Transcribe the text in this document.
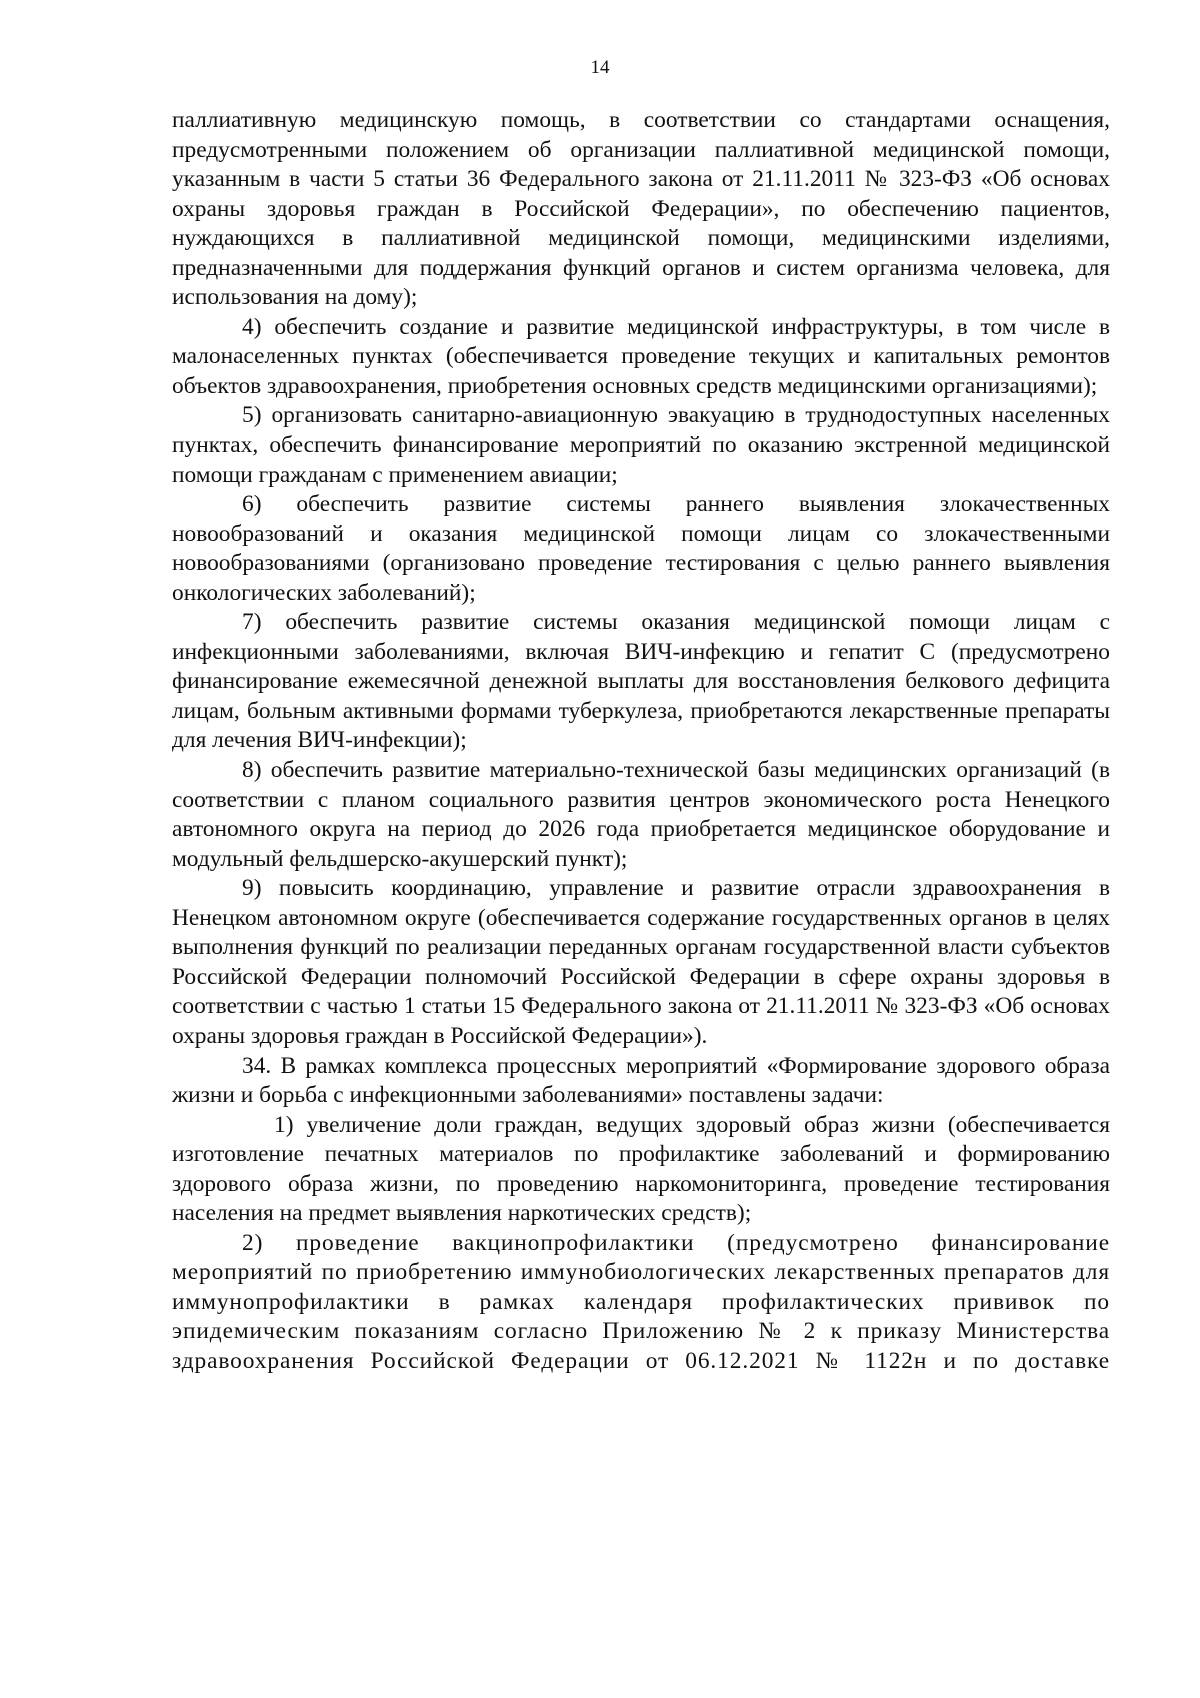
14

паллиативную медицинскую помощь, в соответствии со стандартами оснащения, предусмотренными положением об организации паллиативной медицинской помощи, указанным в части 5 статьи 36 Федерального закона от 21.11.2011 № 323-ФЗ «Об основах охраны здоровья граждан в Российской Федерации», по обеспечению пациентов, нуждающихся в паллиативной медицинской помощи, медицинскими изделиями, предназначенными для поддержания функций органов и систем организма человека, для использования на дому);

4) обеспечить создание и развитие медицинской инфраструктуры, в том числе в малонаселенных пунктах (обеспечивается проведение текущих и капитальных ремонтов объектов здравоохранения, приобретения основных средств медицинскими организациями);

5) организовать санитарно-авиационную эвакуацию в труднодоступных населенных пунктах, обеспечить финансирование мероприятий по оказанию экстренной медицинской помощи гражданам с применением авиации;

6) обеспечить развитие системы раннего выявления злокачественных новообразований и оказания медицинской помощи лицам со злокачественными новообразованиями (организовано проведение тестирования с целью раннего выявления онкологических заболеваний);

7) обеспечить развитие системы оказания медицинской помощи лицам с инфекционными заболеваниями, включая ВИЧ-инфекцию и гепатит С (предусмотрено финансирование ежемесячной денежной выплаты для восстановления белкового дефицита лицам, больным активными формами туберкулеза, приобретаются лекарственные препараты для лечения ВИЧ-инфекции);

8) обеспечить развитие материально-технической базы медицинских организаций (в соответствии с планом социального развития центров экономического роста Ненецкого автономного округа на период до 2026 года приобретается медицинское оборудование и модульный фельдшерско-акушерский пункт);

9) повысить координацию, управление и развитие отрасли здравоохранения в Ненецком автономном округе (обеспечивается содержание государственных органов в целях выполнения функций по реализации переданных органам государственной власти субъектов Российской Федерации полномочий Российской Федерации в сфере охраны здоровья в соответствии с частью 1 статьи 15 Федерального закона от 21.11.2011 № 323-ФЗ «Об основах охраны здоровья граждан в Российской Федерации»).

34. В рамках комплекса процессных мероприятий «Формирование здорового образа жизни и борьба с инфекционными заболеваниями» поставлены задачи:

1) увеличение доли граждан, ведущих здоровый образ жизни (обеспечивается изготовление печатных материалов по профилактике заболеваний и формированию здорового образа жизни, по проведению наркомониторинга, проведение тестирования населения на предмет выявления наркотических средств);

2) проведение вакцинопрофилактики (предусмотрено финансирование мероприятий по приобретению иммунобиологических лекарственных препаратов для иммунопрофилактики в рамках календаря профилактических прививок по эпидемическим показаниям согласно Приложению № 2 к приказу Министерства здравоохранения Российской Федерации от 06.12.2021 № 1122н и по доставке
